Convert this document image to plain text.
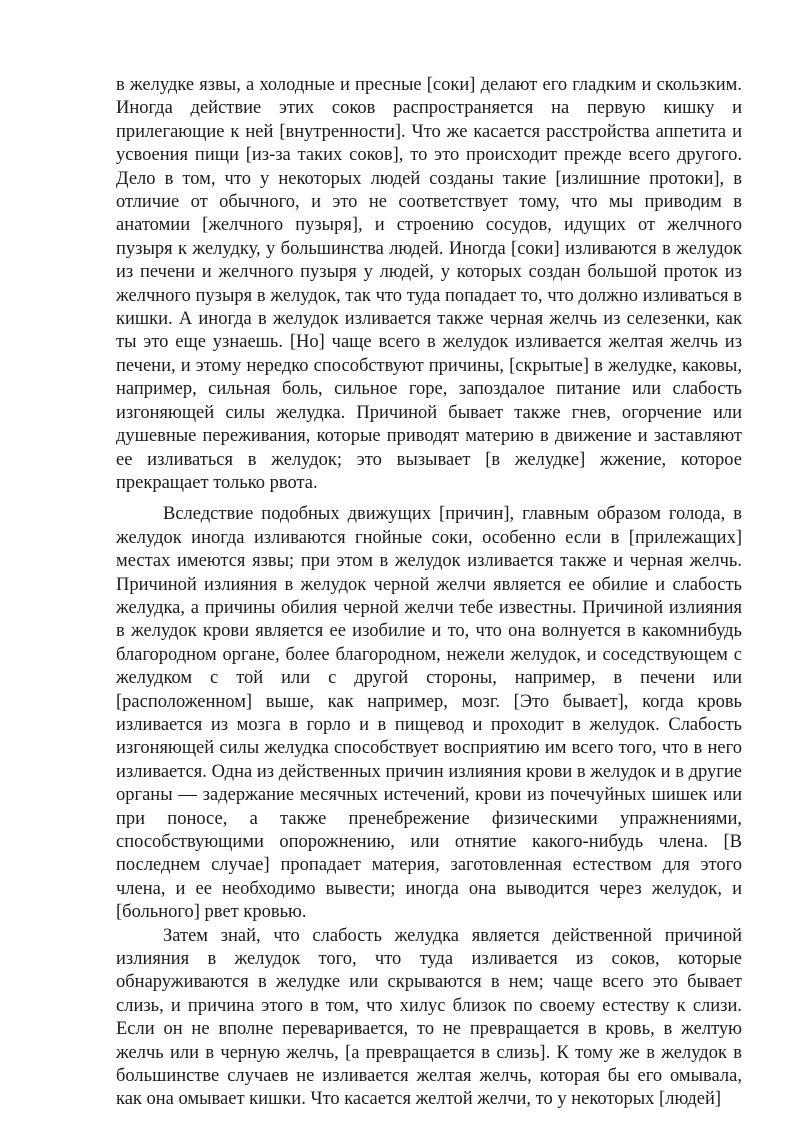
в желудке язвы, а холодные и пресные [соки] делают его гладким и скользким. Иногда действие этих соков распространяется на первую кишку и прилегающие к ней [внутренности]. Что же касается расстройства аппетита и усвоения пищи [из-за таких соков], то это происходит прежде всего другого. Дело в том, что у некоторых людей созданы такие [излишние протоки], в отличие от обычного, и это не соответствует тому, что мы приводим в анатомии [желчного пузыря], и строению сосудов, идущих от желчного пузыря к желудку, у большинства людей. Иногда [соки] изливаются в желудок из печени и желчного пузыря у людей, у которых создан большой проток из желчного пузыря в желудок, так что туда попадает то, что должно изливаться в кишки. А иногда в желудок изливается также черная желчь из селезенки, как ты это еще узнаешь. [Но] чаще всего в желудок изливается желтая желчь из печени, и этому нередко способствуют причины, [скрытые] в желудке, каковы, например, сильная боль, сильное горе, запоздалое питание или слабость изгоняющей силы желудка. Причиной бывает также гнев, огорчение или душевные переживания, которые приводят материю в движение и заставляют ее изливаться в желудок; это вызывает [в желудке] жжение, которое прекращает только рвота.

Вследствие подобных движущих [причин], главным образом голода, в желудок иногда изливаются гнойные соки, особенно если в [прилежащих] местах имеются язвы; при этом в желудок изливается также и черная желчь. Причиной излияния в желудок черной желчи является ее обилие и слабость желудка, а причины обилия черной желчи тебе известны. Причиной излияния в желудок крови является ее изобилие и то, что она волнуется в какомнибудь благородном органе, более благородном, нежели желудок, и соседствующем с желудком с той или с другой стороны, например, в печени или [расположенном] выше, как например, мозг. [Это бывает], когда кровь изливается из мозга в горло и в пищевод и проходит в желудок. Слабость изгоняющей силы желудка способствует восприятию им всего того, что в него изливается. Одна из действенных причин излияния крови в желудок и в другие органы — задержание месячных истечений, крови из почечуйных шишек или при поносе, а также пренебрежение физическими упражнениями, способствующими опорожнению, или отнятие какого-нибудь члена. [В последнем случае] пропадает материя, заготовленная естеством для этого члена, и ее необходимо вывести; иногда она выводится через желудок, и [больного] рвет кровью.

Затем знай, что слабость желудка является действенной причиной излияния в желудок того, что туда изливается из соков, которые обнаруживаются в желудке или скрываются в нем; чаще всего это бывает слизь, и причина этого в том, что хилус близок по своему естеству к слизи. Если он не вполне переваривается, то не превращается в кровь, в желтую желчь или в черную желчь, [а превращается в слизь]. К тому же в желудок в большинстве случаев не изливается желтая желчь, которая бы его омывала, как она омывает кишки. Что касается желтой желчи, то у некоторых [людей]
